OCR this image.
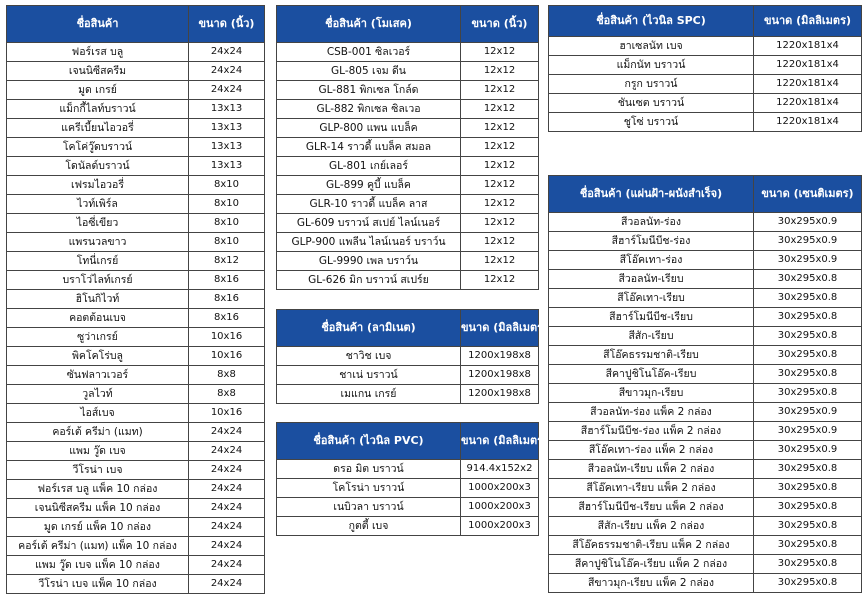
ชื่อสินค้า	ขนาด (นิ้ว)
ฟอร์เรส บลู	24x24
เจนนิซีสครีม	24x24
มูด เกรย์	24x24
แม็กกี้ไลท์บราวน์	13x13
แครีเบี้ยนไอวอรี่	13x13
โคโค่วู๊ดบราวน์	13x13
โดนัลด์บราวน์	13x13
เฟรมไอวอรี่	8x10
ไวท์เพิร์ล	8x10
ไอซี่เขียว	8x10
แพรนวลขาว	8x10
โทนี่เกรย์	8x12
บราโว่ไลท์เกรย์	8x16
ฮิโนกิไวท์	8x16
คอตต้อนเบจ	8x16
ซูว่าเกรย์	10x16
พิคโคโร่บลู	10x16
ซันฟลาวเวอร์	8x8
วูลไวท์	8x8
ไอส์เบจ	10x16
คอร์เต้ ครีม่า (แมท)	24x24
แพม วู๊ด เบจ	24x24
วีโรน่า เบจ	24x24
ฟอร์เรส บลู แพ็ค 10 กล่อง	24x24
เจนนิซีสครีม แพ็ค 10 กล่อง	24x24
มูด เกรย์ แพ็ค 10 กล่อง	24x24
คอร์เต้ ครีม่า (แมท) แพ็ค 10 กล่อง	24x24
แพม วู๊ด เบจ แพ็ค 10 กล่อง	24x24
วีโรน่า เบจ แพ็ค 10 กล่อง	24x24
ชื่อสินค้า (โมเสค)	ขนาด (นิ้ว)
CSB-001 ซิลเวอร์	12x12
GL-805 เจม ดีน	12x12
GL-881 พิกเซล โกล์ด	12x12
GL-882 พิกเซล ซิลเวอ	12x12
GLP-800 แพน แบล็ค	12x12
GLR-14 ราวดี้ แบล็ค สมอล	12x12
GL-801 เกย์เลอร์	12x12
GL-899 คูบี้ แบล็ค	12x12
GLR-10 ราวดี้ แบล็ค ลาส	12x12
GL-609 บราวน์ สเปย์ ไลน์เนอร์	12x12
GLP-900 แพลีน ไลน์เนอร์ บราว์น	12x12
GL-9990 เพล บราว์น	12x12
GL-626 มิก บราวน์ สเปร์ย	12x12
ชื่อสินค้า (ลามิเนต)	ขนาด (มิลลิเมตร)
ชาวิช เบจ	1200x198x8
ชาเน่ บราวน์	1200x198x8
เมแกน เกรย์	1200x198x8
ชื่อสินค้า (ไวนิล PVC)	ขนาด (มิลลิเมตร)
ดรอ มิต บราวน์	914.4x152x2
โคโรน่า บราวน์	1000x200x3
เนบิวลา บราวน์	1000x200x3
กูตตี้ เบจ	1000x200x3
ชื่อสินค้า (ไวนิล SPC)	ขนาด (มิลลิเมตร)
ฮาเซลนัท เบจ	1220x181x4
แม็กนัท บราวน์	1220x181x4
กรูก บราวน์	1220x181x4
ชันเซต บราวน์	1220x181x4
ชูโซ่ บราวน์	1220x181x4
ชื่อสินค้า (แผ่นฝ้า-ผนังสำเร็จ)	ขนาด (เซนติเมตร)
สีวอลนัท-ร่อง	30x295x0.9
สีฮาร์โมนีบีช-ร่อง	30x295x0.9
สีโอ๊คเทา-ร่อง	30x295x0.9
สีวอลนัท-เรียบ	30x295x0.8
สีโอ๊คเทา-เรียบ	30x295x0.8
สีฮาร์โมนีบีช-เรียบ	30x295x0.8
สีสัก-เรียบ	30x295x0.8
สีโอ๊คธรรมชาติ-เรียบ	30x295x0.8
สีคาปูชิโนโอ๊ค-เรียบ	30x295x0.8
สีขาวมุก-เรียบ	30x295x0.8
สีวอลนัท-ร่อง แพ็ค 2 กล่อง	30x295x0.9
สีฮาร์โมนีบีช-ร่อง แพ็ค 2 กล่อง	30x295x0.9
สีโอ๊คเทา-ร่อง แพ็ค 2 กล่อง	30x295x0.9
สีวอลนัท-เรียบ แพ็ค 2 กล่อง	30x295x0.8
สีโอ๊คเทา-เรียบ แพ็ค 2 กล่อง	30x295x0.8
สีฮาร์โมนีบีช-เรียบ แพ็ค 2 กล่อง	30x295x0.8
สีสัก-เรียบ แพ็ค 2 กล่อง	30x295x0.8
สีโอ๊คธรรมชาติ-เรียบ แพ็ค 2 กล่อง	30x295x0.8
สีคาปูชิโนโอ๊ค-เรียบ แพ็ค 2 กล่อง	30x295x0.8
สีขาวมุก-เรียบ แพ็ค 2 กล่อง	30x295x0.8
